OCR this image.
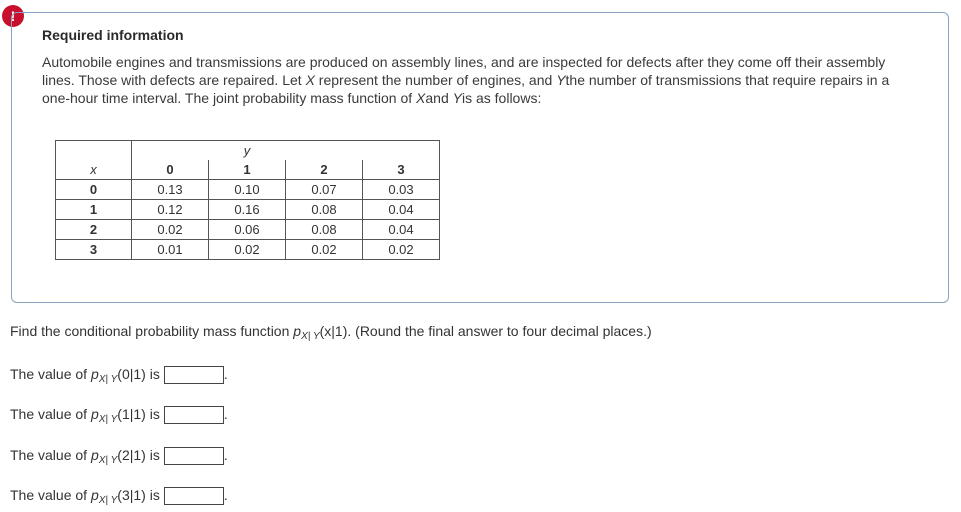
!
Required information
Automobile engines and transmissions are produced on assembly lines, and are inspected for defects after they come off their assembly lines. Those with defects are repaired. Let X represent the number of engines, and Ythe number of transmissions that require repairs in a one-hour time interval. The joint probability mass function of Xand Yis as follows:
		y		
x	0	1	2	3
0	0.13	0.10	0.07	0.03
1	0.12	0.16	0.08	0.04
2	0.02	0.06	0.08	0.04
3	0.01	0.02	0.02	0.02
Find the conditional probability mass function $p_{X| Y}(x|1)$. (Round the final answer to four decimal places.)
The value of $p_{X| Y}(0|1)$ is	.
The value of $p_{X| Y}(1|1)$ is	.
The value of $p_{X| Y}(2|1)$ is	.
The value of $p_{X| Y}(3|1)$ is	.
